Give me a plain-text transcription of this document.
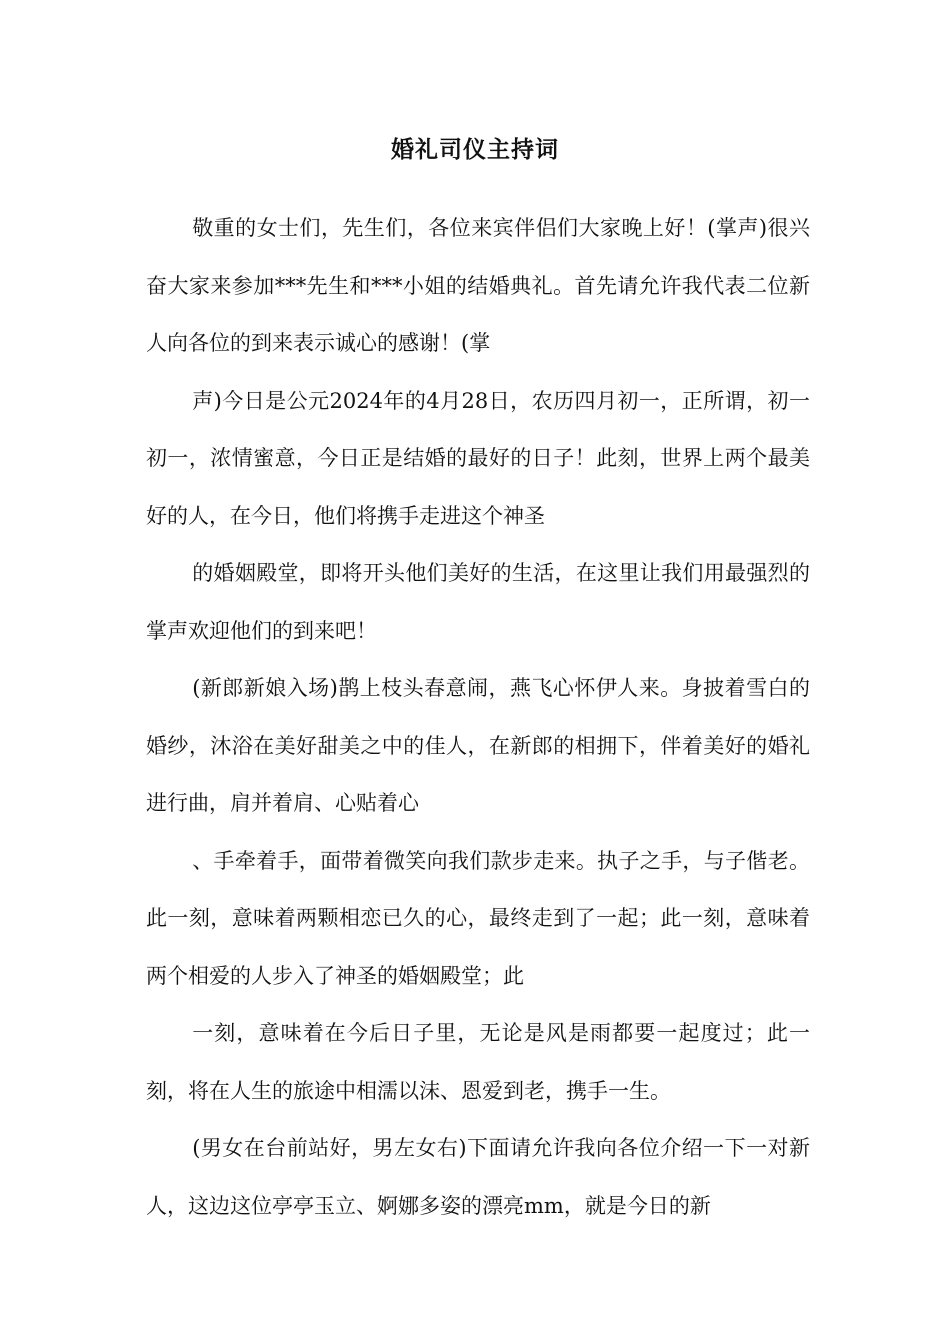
婚礼司仪主持词

敬重的女士们，先生们，各位来宾伴侣们大家晚上好！(掌声)很兴奋大家来参加***先生和***小姐的结婚典礼。首先请允许我代表二位新人向各位的到来表示诚心的感谢！(掌

声)今日是公元2024年的4月28日，农历四月初一，正所谓，初一初一，浓情蜜意，今日正是结婚的最好的日子！此刻，世界上两个最美好的人，在今日，他们将携手走进这个神圣

的婚姻殿堂，即将开头他们美好的生活，在这里让我们用最强烈的掌声欢迎他们的到来吧！

(新郎新娘入场)鹊上枝头春意闹，燕飞心怀伊人来。身披着雪白的婚纱，沐浴在美好甜美之中的佳人，在新郎的相拥下，伴着美好的婚礼进行曲，肩并着肩、心贴着心

、手牵着手，面带着微笑向我们款步走来。执子之手，与子偕老。此一刻，意味着两颗相恋已久的心，最终走到了一起；此一刻，意味着两个相爱的人步入了神圣的婚姻殿堂；此

一刻，意味着在今后日子里，无论是风是雨都要一起度过；此一刻，将在人生的旅途中相濡以沫、恩爱到老，携手一生。

(男女在台前站好，男左女右)下面请允许我向各位介绍一下一对新人，这边这位亭亭玉立、婀娜多姿的漂亮mm，就是今日的新
